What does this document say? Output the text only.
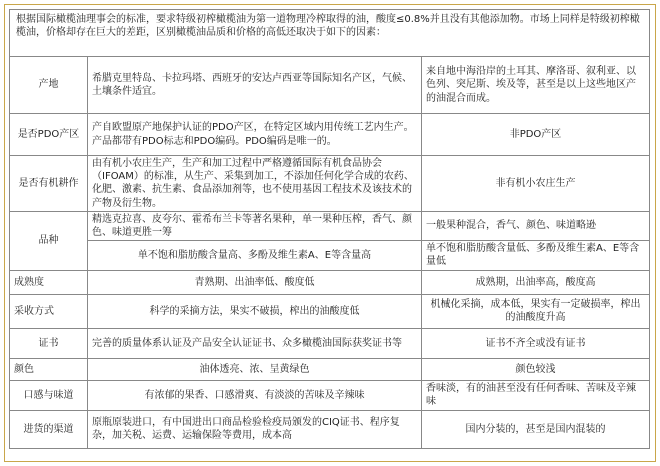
根据国际橄榄油理事会的标准，要求特级初榨橄榄油为第一道物理冷榨取得的油，酸度≤0.8%并且没有其他添加物。市场上同样是特级初榨橄榄油，价格却存在巨大的差距，区别橄榄油品质和价格的高低还取决于如下的因素：		
产地	希腊克里特岛、卡拉玛塔、西班牙的安达卢西亚等国际知名产区，气候、土壤条件适宜。	来自地中海沿岸的土耳其、摩洛哥、叙利亚、以色列、突尼斯、埃及等，甚至是以上这些地区产的油混合而成。
是否PDO产区	产自欧盟原产地保护认证的PDO产区，在特定区域内用传统工艺内生产。产品都带有PDO标志和PDO编码。PDO编码是唯一的。	非PDO产区
是否有机耕作	由有机小农庄生产，生产和加工过程中严格遵循国际有机食品协会（IFOAM）的标准，从生产、采集到加工，不添加任何化学合成的农药、化肥、激素、抗生素、食品添加剂等，也不使用基因工程技术及该技术的产物及衍生物。	非有机小农庄生产
品种	精选克拉喜、皮夸尔、霍希布兰卡等著名果种，单一果种压榨，香气、颜色、味道更胜一筹	一般果种混合，香气、颜色、味道略逊
	单不饱和脂肪酸含量高、多酚及维生素A、E等含量高	单不饱和脂肪酸含量低、多酚及维生素A、E等含量低
成熟度	青熟期、出油率低、酸度低	成熟期，出油率高，酸度高
采收方式	科学的采摘方法，果实不破损，榨出的油酸度低	机械化采摘，成本低，果实有一定破损率，榨出的油酸度升高
证书	完善的质量体系认证及产品安全认证证书、众多橄榄油国际获奖证书等	证书不齐全或没有证书
颜色	油体透亮、浓、呈黄绿色	颜色较浅
口感与味道	有浓郁的果香、口感滑爽、有淡淡的苦味及辛辣味	香味淡，有的油甚至没有任何香味、苦味及辛辣味
进货的渠道	原瓶原装进口，有中国进出口商品检验检疫局颁发的CIQ证书、程序复杂，加关税、运费、运输保险等费用，成本高	国内分装的，甚至是国内混装的
